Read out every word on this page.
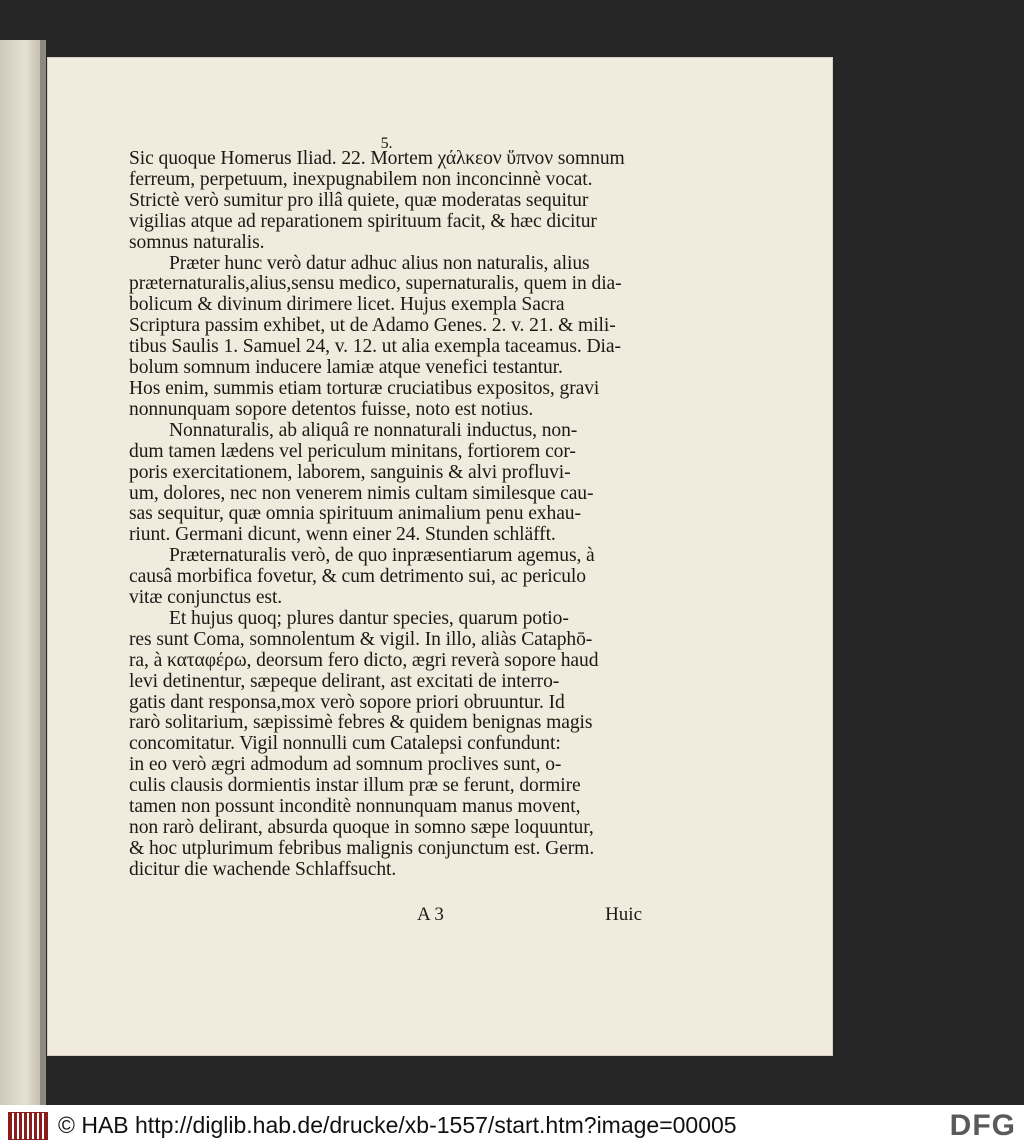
5.
Sic quoque Homerus Iliad. 22. Mortem χάλκεον ὕπνον somnum
ferreum, perpetuum, inexpugnabilem non inconcinnè vocat.
Strictè verò sumitur pro illâ quiete, quæ moderatas sequitur
vigilias atque ad reparationem spirituum facit, & hæc dicitur
somnus naturalis.
Præter hunc verò datur adhuc alius non naturalis, alius
præternaturalis,alius,sensu medico, supernaturalis, quem in dia-
bolicum & divinum dirimere licet. Hujus exempla Sacra
Scriptura passim exhibet, ut de Adamo Genes. 2. v. 21. & mili-
tibus Saulis 1. Samuel 24, v. 12. ut alia exempla taceamus. Dia-
bolum somnum inducere lamiæ atque venefici testantur.
Hos enim, summis etiam torturæ cruciatibus expositos, gravi
nonnunquam sopore detentos fuisse, noto est notius.
Nonnaturalis, ab aliquâ re nonnaturali inductus, non-
dum tamen lædens vel periculum minitans, fortiorem cor-
poris exercitationem, laborem, sanguinis & alvi profluvi-
um, dolores, nec non venerem nimis cultam similesque cau-
sas sequitur, quæ omnia spirituum animalium penu exhau-
riunt. Germani dicunt, wenn einer 24. Stunden schläfft.
Præternaturalis verò, de quo inpræsentiarum agemus, à
causâ morbifica fovetur, & cum detrimento sui, ac periculo
vitæ conjunctus est.
Et hujus quoq; plures dantur species, quarum potio-
res sunt Coma, somnolentum & vigil. In illo, aliàs Cataphō-
ra, à καταφέρω, deorsum fero dicto, ægri reverà sopore haud
levi detinentur, sæpeque delirant, ast excitati de interro-
gatis dant responsa,mox verò sopore priori obruuntur. Id
rarò solitarium, sæpissimè febres & quidem benignas magis
concomitatur. Vigil nonnulli cum Catalepsi confundunt:
in eo verò ægri admodum ad somnum proclives sunt, o-
culis clausis dormientis instar illum præ se ferunt, dormire
tamen non possunt inconditè nonnunquam manus movent,
non rarò delirant, absurda quoque in somno sæpe loquuntur,
& hoc utplurimum febribus malignis conjunctum est. Germ.
dicitur die wachende Schlaffsucht.
A 3	Huic
© HAB http://diglib.hab.de/drucke/xb-1557/start.htm?image=00005	DFG
